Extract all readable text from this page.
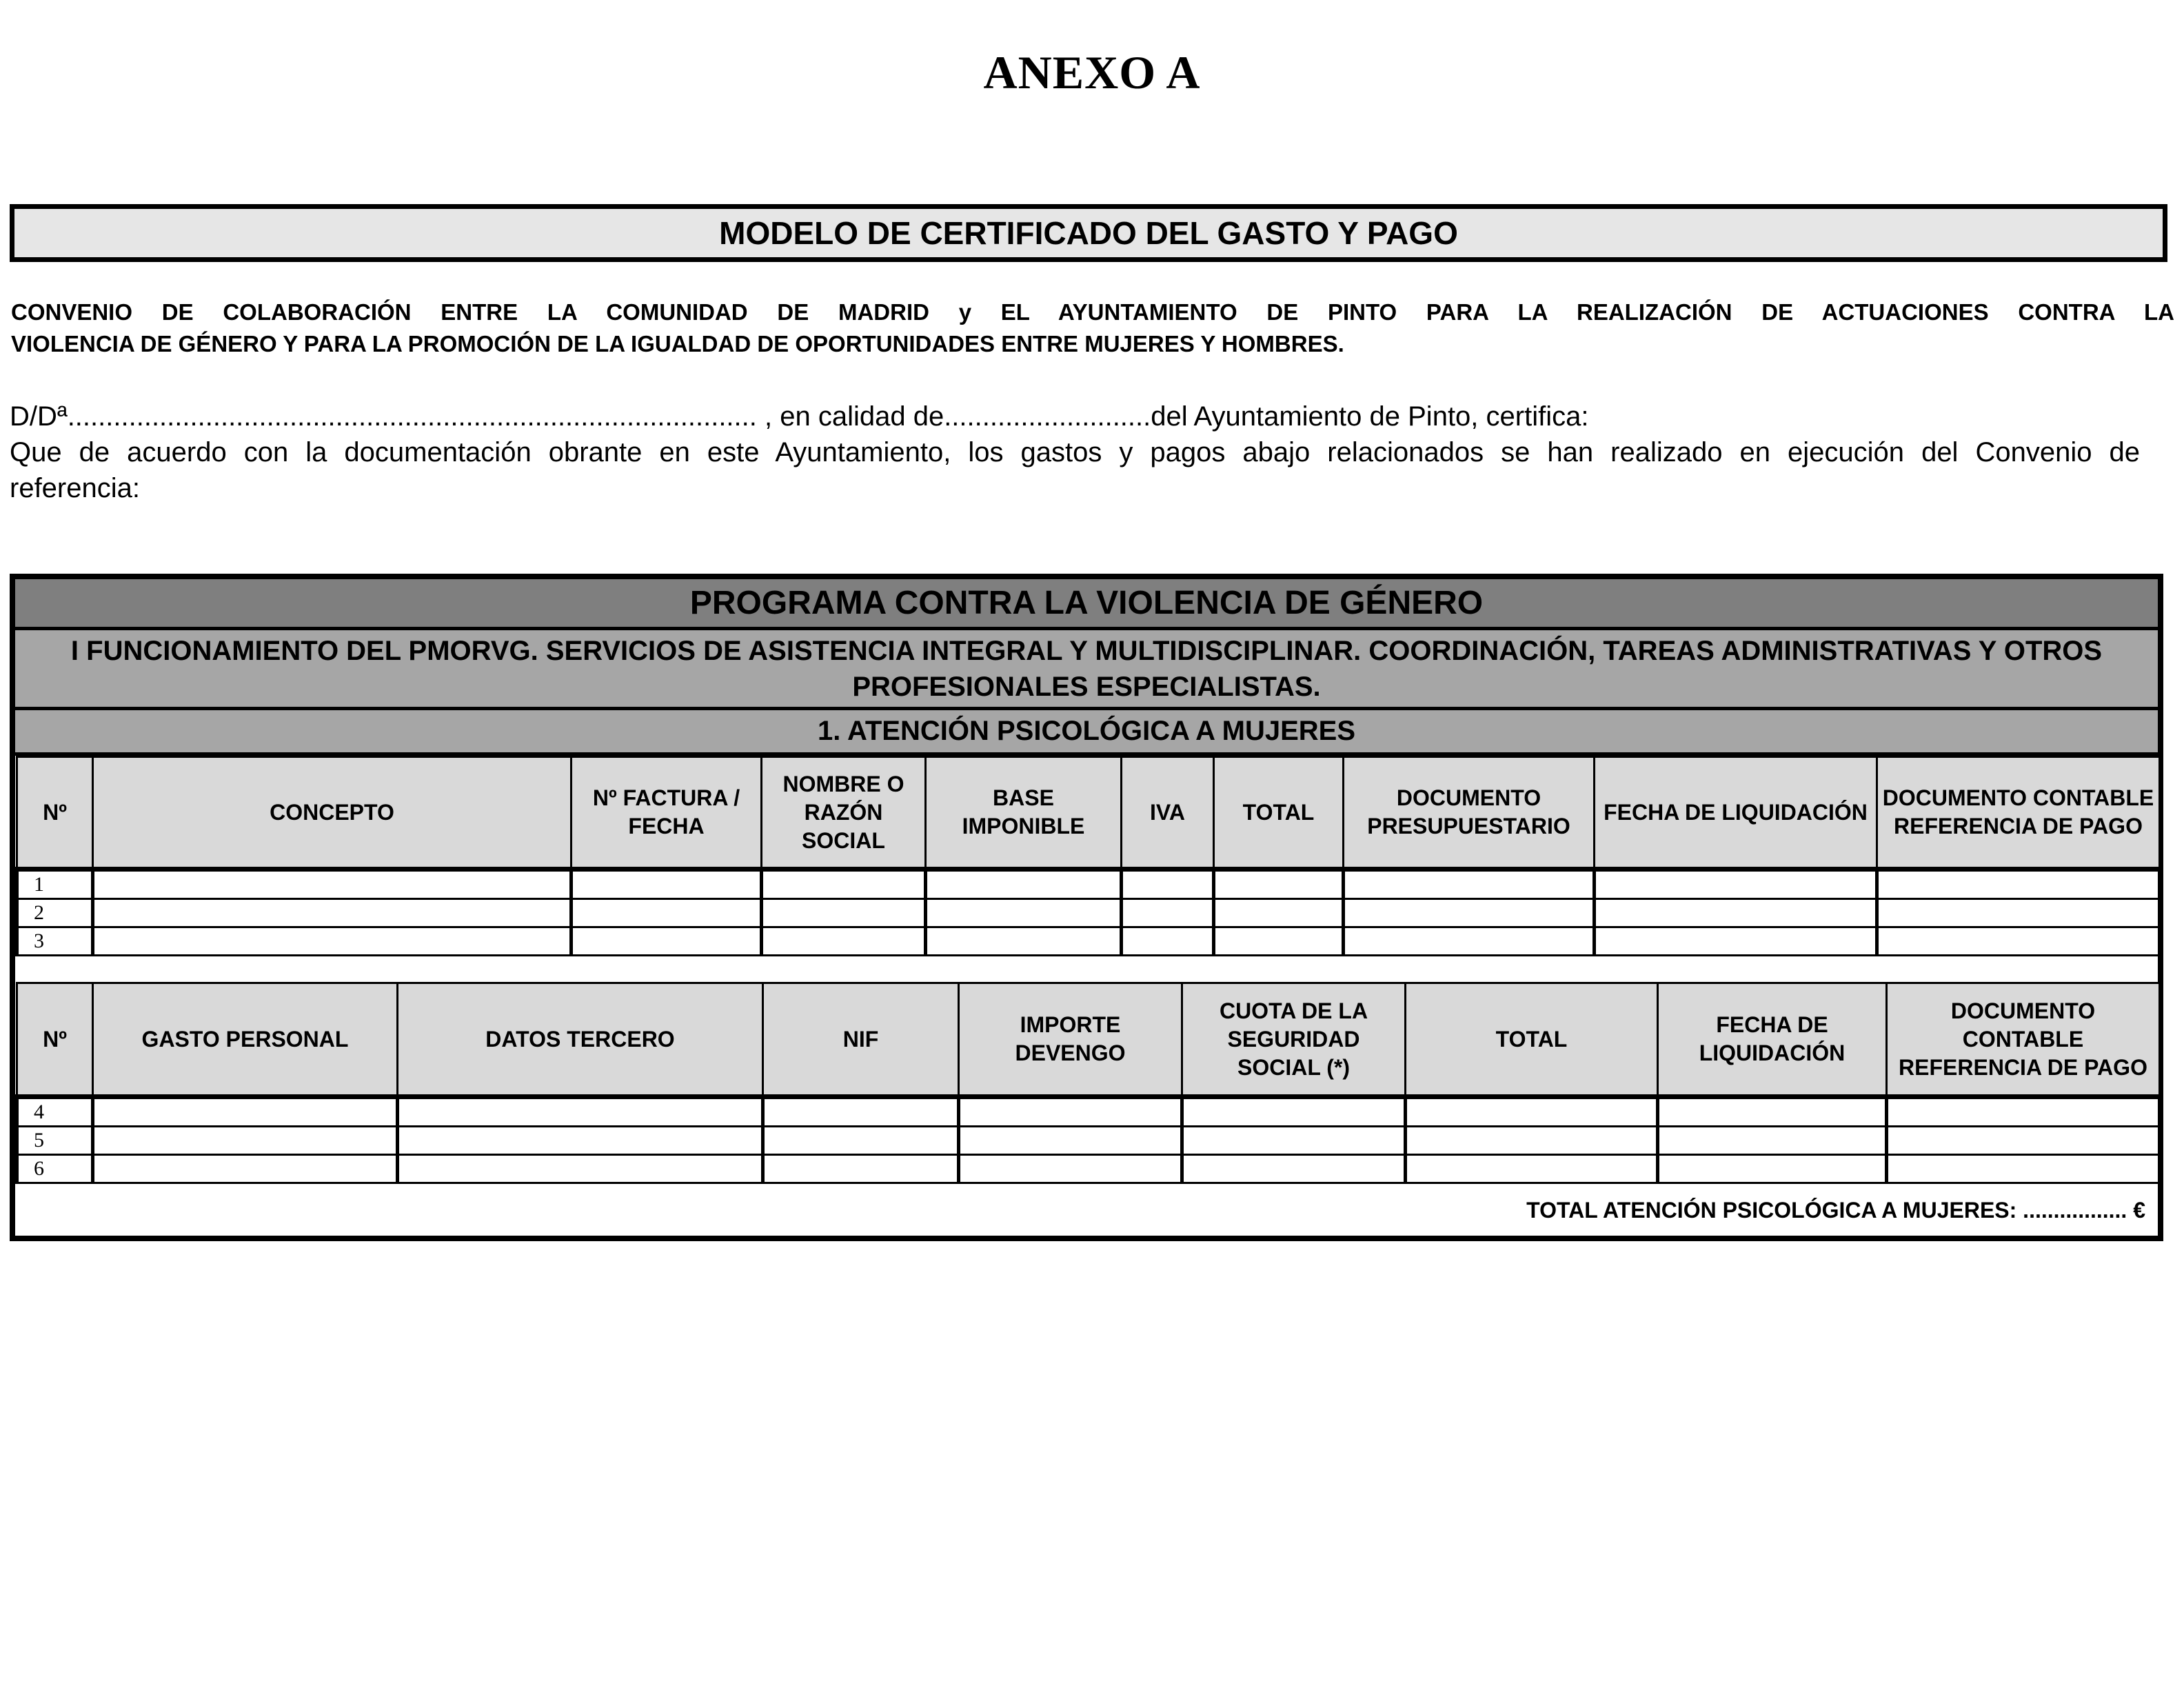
ANEXO A
MODELO DE CERTIFICADO DEL GASTO Y PAGO
CONVENIO DE COLABORACIÓN ENTRE LA COMUNIDAD DE MADRID y EL AYUNTAMIENTO DE PINTO PARA LA REALIZACIÓN DE ACTUACIONES CONTRA LA
VIOLENCIA DE GÉNERO Y PARA LA PROMOCIÓN DE LA IGUALDAD DE OPORTUNIDADES ENTRE MUJERES Y HOMBRES.
D/Dª.......................................................................................... , en calidad de...........................del Ayuntamiento de Pinto, certifica:
Que de acuerdo con la documentación obrante en este Ayuntamiento, los gastos y pagos abajo relacionados se han realizado en ejecución del Convenio de
referencia:
PROGRAMA CONTRA LA VIOLENCIA DE GÉNERO
I FUNCIONAMIENTO DEL PMORVG. SERVICIOS DE ASISTENCIA INTEGRAL Y MULTIDISCIPLINAR. COORDINACIÓN, TAREAS ADMINISTRATIVAS Y OTROS PROFESIONALES ESPECIALISTAS.
1. ATENCIÓN PSICOLÓGICA A MUJERES
Nº	CONCEPTO	Nº FACTURA / FECHA	NOMBRE O RAZÓN SOCIAL	BASE IMPONIBLE	IVA	TOTAL	DOCUMENTO PRESUPUESTARIO	FECHA DE LIQUIDACIÓN	DOCUMENTO CONTABLE REFERENCIA DE PAGO
1									
2									
3									
Nº	GASTO PERSONAL	DATOS TERCERO	NIF	IMPORTE DEVENGO	CUOTA DE LA SEGURIDAD SOCIAL (*)	TOTAL	FECHA DE LIQUIDACIÓN	DOCUMENTO CONTABLE REFERENCIA DE PAGO
4								
5								
6								
TOTAL ATENCIÓN PSICOLÓGICA A MUJERES: ................. €
